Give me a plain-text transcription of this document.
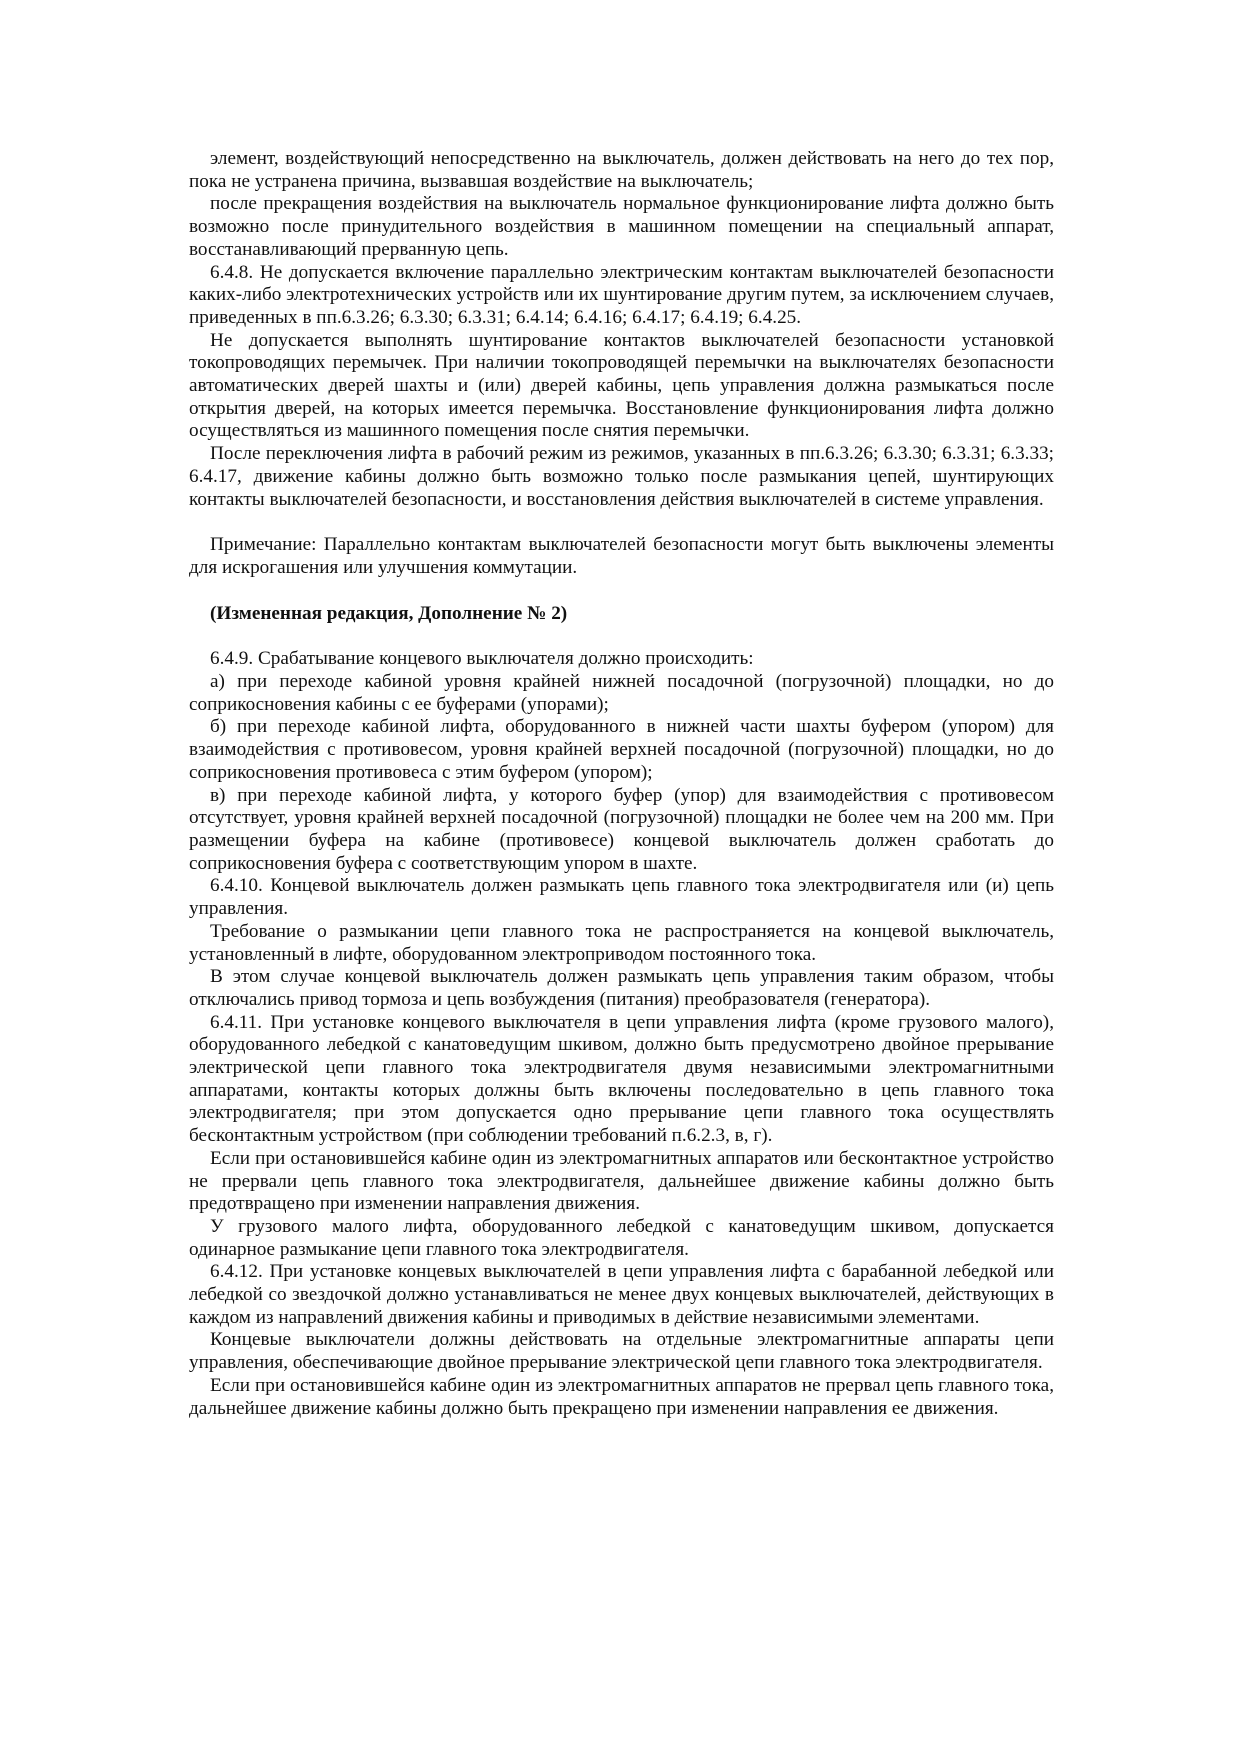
элемент, воздействующий непосредственно на выключатель, должен действовать на него до тех пор, пока не устранена причина, вызвавшая воздействие на выключатель;

после прекращения воздействия на выключатель нормальное функционирование лифта должно быть возможно после принудительного воздействия в машинном помещении на специальный аппарат, восстанавливающий прерванную цепь.

6.4.8. Не допускается включение параллельно электрическим контактам выключателей безопасности каких-либо электротехнических устройств или их шунтирование другим путем, за исключением случаев, приведенных в пп.6.3.26; 6.3.30; 6.3.31; 6.4.14; 6.4.16; 6.4.17; 6.4.19; 6.4.25.

Не допускается выполнять шунтирование контактов выключателей безопасности установкой токопроводящих перемычек. При наличии токопроводящей перемычки на выключателях безопасности автоматических дверей шахты и (или) дверей кабины, цепь управления должна размыкаться после открытия дверей, на которых имеется перемычка. Восстановление функционирования лифта должно осуществляться из машинного помещения после снятия перемычки.

После переключения лифта в рабочий режим из режимов, указанных в пп.6.3.26; 6.3.30; 6.3.31; 6.3.33; 6.4.17, движение кабины должно быть возможно только после размыкания цепей, шунтирующих контакты выключателей безопасности, и восстановления действия выключателей в системе управления.

Примечание: Параллельно контактам выключателей безопасности могут быть выключены элементы для искрогашения или улучшения коммутации.

(Измененная редакция, Дополнение № 2)

6.4.9. Срабатывание концевого выключателя должно происходить:

а) при переходе кабиной уровня крайней нижней посадочной (погрузочной) площадки, но до соприкосновения кабины с ее буферами (упорами);

б) при переходе кабиной лифта, оборудованного в нижней части шахты буфером (упором) для взаимодействия с противовесом, уровня крайней верхней посадочной (погрузочной) площадки, но до соприкосновения противовеса с этим буфером (упором);

в) при переходе кабиной лифта, у которого буфер (упор) для взаимодействия с противовесом отсутствует, уровня крайней верхней посадочной (погрузочной) площадки не более чем на 200 мм. При размещении буфера на кабине (противовесе) концевой выключатель должен сработать до соприкосновения буфера с соответствующим упором в шахте.

6.4.10. Концевой выключатель должен размыкать цепь главного тока электродвигателя или (и) цепь управления.

Требование о размыкании цепи главного тока не распространяется на концевой выключатель, установленный в лифте, оборудованном электроприводом постоянного тока.

В этом случае концевой выключатель должен размыкать цепь управления таким образом, чтобы отключались привод тормоза и цепь возбуждения (питания) преобразователя (генератора).

6.4.11. При установке концевого выключателя в цепи управления лифта (кроме грузового малого), оборудованного лебедкой с канатоведущим шкивом, должно быть предусмотрено двойное прерывание электрической цепи главного тока электродвигателя двумя независимыми электромагнитными аппаратами, контакты которых должны быть включены последовательно в цепь главного тока электродвигателя; при этом допускается одно прерывание цепи главного тока осуществлять бесконтактным устройством (при соблюдении требований п.6.2.3, в, г).

Если при остановившейся кабине один из электромагнитных аппаратов или бесконтактное устройство не прервали цепь главного тока электродвигателя, дальнейшее движение кабины должно быть предотвращено при изменении направления движения.

У грузового малого лифта, оборудованного лебедкой с канатоведущим шкивом, допускается одинарное размыкание цепи главного тока электродвигателя.

6.4.12. При установке концевых выключателей в цепи управления лифта с барабанной лебедкой или лебедкой со звездочкой должно устанавливаться не менее двух концевых выключателей, действующих в каждом из направлений движения кабины и приводимых в действие независимыми элементами.

Концевые выключатели должны действовать на отдельные электромагнитные аппараты цепи управления, обеспечивающие двойное прерывание электрической цепи главного тока электродвигателя.

Если при остановившейся кабине один из электромагнитных аппаратов не прервал цепь главного тока, дальнейшее движение кабины должно быть прекращено при изменении направления ее движения.
